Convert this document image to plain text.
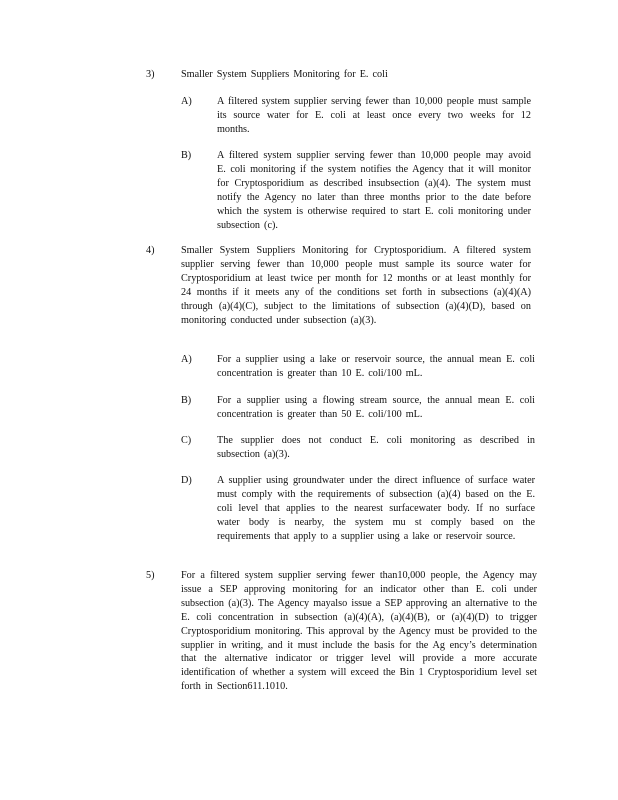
3)	Smaller System Suppliers Monitoring for E. coli
A) A filtered system supplier serving fewer than 10,000 people must sample its source water for E. coli at least once every two weeks for 12 months.
B)	A filtered system supplier serving fewer than 10,000 people may avoid E. coli monitoring if the system notifies the Agency that it will monitor for Cryptosporidium as described insubsection (a)(4). The system must notify the Agency no later than three months prior to the date before which the system is otherwise required to start E. coli monitoring under subsection (c).
4)	Smaller System Suppliers Monitoring for Cryptosporidium. A filtered system supplier serving fewer than 10,000 people must sample its source water for Cryptosporidium at least twice per month for 12 months or at least monthly for 24 months if it meets any of the conditions set forth in subsections (a)(4)(A) through (a)(4)(C), subject to the limitations of subsection (a)(4)(D), based on monitoring conducted under subsection (a)(3).
A) For a supplier using a lake or reservoir source, the annual mean E. coli concentration is greater than 10 E. coli/100 mL.
B)	For a supplier using a flowing stream source, the annual mean E. coli concentration is greater than 50 E. coli/100 mL.
C)	The supplier does not conduct E. coli monitoring as described in subsection (a)(3).
D) A supplier using groundwater under the direct influence of surface water must comply with the requirements of subsection (a)(4) based on the E. coli level that applies to the nearest surfacewater body. If no surface water body is nearby, the system mu st comply based on the requirements that apply to a supplier using a lake or reservoir source.
5)	For a filtered system supplier serving fewer than10,000 people, the Agency may issue a SEP approving monitoring for an indicator other than E. coli under subsection (a)(3). The Agency mayalso issue a SEP approving an alternative to the E. coli concentration in subsection (a)(4)(A), (a)(4)(B), or (a)(4)(D) to trigger Cryptosporidium monitoring. This approval by the Agency must be provided to the supplier in writing, and it must include the basis for the Ag ency’s determination that the alternative indicator or trigger level will provide a more accurate identification of whether a system will exceed the Bin 1 Cryptosporidium level set forth in Section611.1010.
